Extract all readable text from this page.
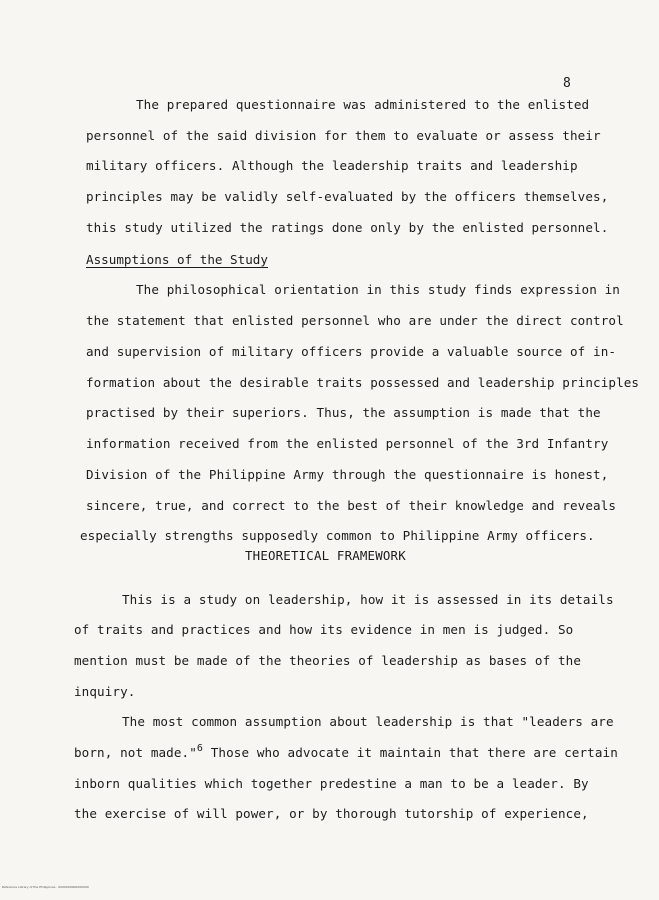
8
The prepared questionnaire was administered to the enlisted
personnel of the said division for them to evaluate or assess their
military officers. Although the leadership traits and leadership
principles may be validly self-evaluated by the officers themselves,
this study utilized the ratings done only by the enlisted personnel.
Assumptions of the Study
The philosophical orientation in this study finds expression in
the statement that enlisted personnel who are under the direct control
and supervision of military officers provide a valuable source of in-
formation about the desirable traits possessed and leadership principles
practised by their superiors. Thus, the assumption is made that the
information received from the enlisted personnel of the 3rd Infantry
Division of the Philippine Army through the questionnaire is honest,
sincere, true, and correct to the best of their knowledge and reveals
especially strengths supposedly common to Philippine Army officers.
THEORETICAL FRAMEWORK
This is a study on leadership, how it is assessed in its details
of traits and practices and how its evidence in men is judged. So
mention must be made of the theories of leadership as bases of the
inquiry.
The most common assumption about leadership is that "leaders are
born, not made."$^6$ Those who advocate it maintain that there are certain
inborn qualities which together predestine a man to be a leader. By
the exercise of will power, or by thorough tutorship of experience,
Reference Library of the Philippines · 0000000000000000
